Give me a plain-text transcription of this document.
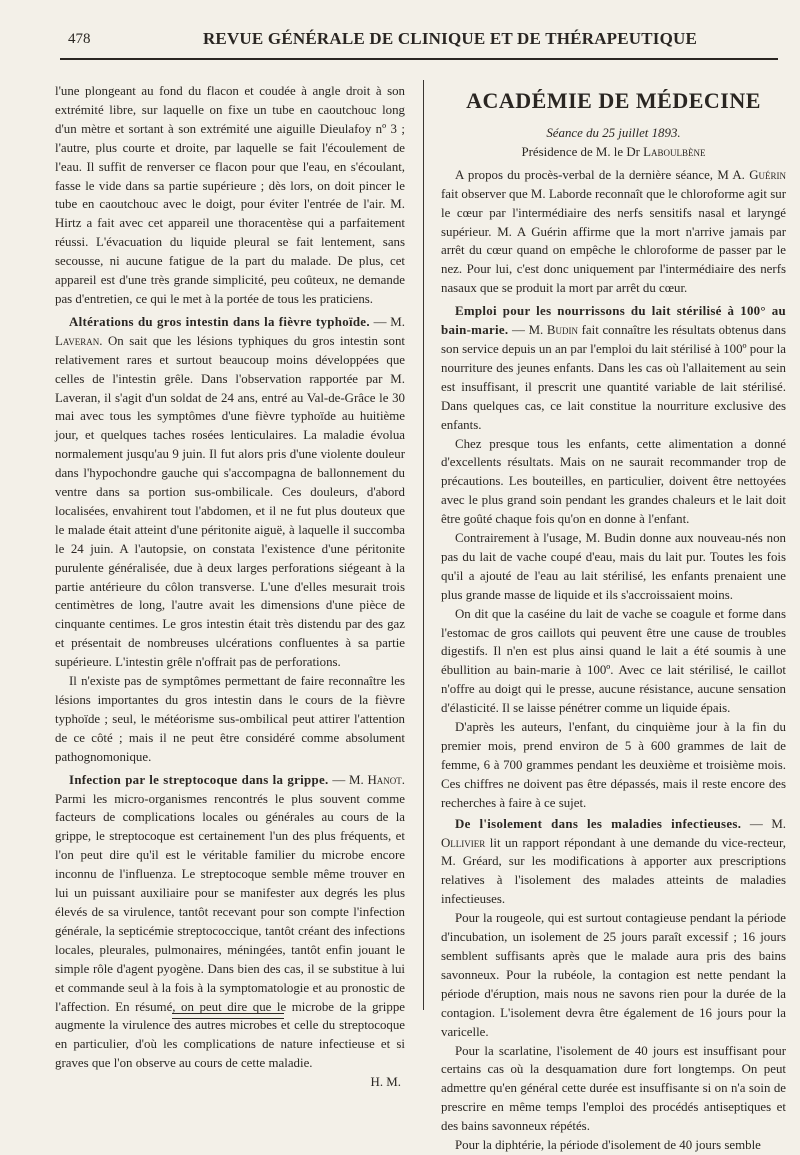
478	REVUE GÉNÉRALE DE CLINIQUE ET DE THÉRAPEUTIQUE

l'une plongeant au fond du flacon et coudée à angle droit à son extrémité libre, sur laquelle on fixe un tube en caoutchouc long d'un mètre et sortant à son extrémité une aiguille Dieulafoy nº 3 ; l'autre, plus courte et droite, par laquelle se fait l'écoulement de l'eau. Il suffit de renverser ce flacon pour que l'eau, en s'écoulant, fasse le vide dans sa partie supérieure ; dès lors, on doit pincer le tube en caoutchouc avec le doigt, pour éviter l'entrée de l'air. M. Hirtz a fait avec cet appareil une thoracentèse qui a parfaitement réussi. L'évacuation du liquide pleural se fait lentement, sans secousse, ni aucune fatigue de la part du malade. De plus, cet appareil est d'une très grande simplicité, peu coûteux, ne demande pas d'entretien, ce qui le met à la portée de tous les praticiens.

Altérations du gros intestin dans la fièvre typhoïde. — M. Laveran. On sait que les lésions typhiques du gros intestin sont relativement rares et surtout beaucoup moins développées que celles de l'intestin grêle. Dans l'observation rapportée par M. Laveran, il s'agit d'un soldat de 24 ans, entré au Val-de-Grâce le 30 mai avec tous les symptômes d'une fièvre typhoïde au huitième jour, et quelques taches rosées lenticulaires. La maladie évolua normalement jusqu'au 9 juin. Il fut alors pris d'une violente douleur dans l'hypochondre gauche qui s'accompagna de ballonnement du ventre dans sa portion sus-ombilicale. Ces douleurs, d'abord localisées, envahirent tout l'abdomen, et il ne fut plus douteux que le malade était atteint d'une péritonite aiguë, à laquelle il succomba le 24 juin. A l'autopsie, on constata l'existence d'une péritonite purulente généralisée, due à deux larges perforations siégeant à la partie antérieure du côlon transverse. L'une d'elles mesurait trois centimètres de long, l'autre avait les dimensions d'une pièce de cinquante centimes. Le gros intestin était très distendu par des gaz et présentait de nombreuses ulcérations confluentes à sa partie supérieure. L'intestin grêle n'offrait pas de perforations.

Il n'existe pas de symptômes permettant de faire reconnaître les lésions importantes du gros intestin dans le cours de la fièvre typhoïde ; seul, le météorisme sus-ombilical peut attirer l'attention de ce côté ; mais il ne peut être considéré comme absolument pathognomonique.

Infection par le streptocoque dans la grippe. — M. Hanot. Parmi les micro-organismes rencontrés le plus souvent comme facteurs de complications locales ou générales au cours de la grippe, le streptocoque est certainement l'un des plus fréquents, et l'on peut dire qu'il est le véritable familier du microbe encore inconnu de l'influenza. Le streptocoque semble même trouver en lui un puissant auxiliaire pour se manifester aux degrés les plus élevés de sa virulence, tantôt recevant pour son compte l'infection générale, la septicémie streptococcique, tantôt créant des infections locales, pleurales, pulmonaires, méningées, tantôt enfin jouant le simple rôle d'agent pyogène. Dans bien des cas, il se substitue à lui et commande seul à la fois à la symptomatologie et au pronostic de l'affection. En résumé, on peut dire que le microbe de la grippe augmente la virulence des autres microbes et celle du streptocoque en particulier, d'où les complications de nature infectieuse et si graves que l'on observe au cours de cette maladie.

H. M.

ACADÉMIE DE MÉDECINE

Séance du 25 juillet 1893.

Présidence de M. le Dr Laboulbène

A propos du procès-verbal de la dernière séance, M A. Guérin fait observer que M. Laborde reconnaît que le chloroforme agit sur le cœur par l'intermédiaire des nerfs sensitifs nasal et laryngé supérieur. M. A Guérin affirme que la mort n'arrive jamais par arrêt du cœur quand on empêche le chloroforme de passer par le nez. Pour lui, c'est donc uniquement par l'intermédiaire des nerfs nasaux que se produit la mort par arrêt du cœur.

Emploi pour les nourrissons du lait stérilisé à 100° au bain-marie. — M. Budin fait connaître les résultats obtenus dans son service depuis un an par l'emploi du lait stérilisé à 100º pour la nourriture des jeunes enfants. Dans les cas où l'allaitement au sein est insuffisant, il prescrit une quantité variable de lait stérilisé. Dans quelques cas, ce lait constitue la nourriture exclusive des enfants.

Chez presque tous les enfants, cette alimentation a donné d'excellents résultats. Mais on ne saurait recommander trop de précautions. Les bouteilles, en particulier, doivent être nettoyées avec le plus grand soin pendant les grandes chaleurs et le lait doit être goûté chaque fois qu'on en donne à l'enfant.

Contrairement à l'usage, M. Budin donne aux nouveau-nés non pas du lait de vache coupé d'eau, mais du lait pur. Toutes les fois qu'il a ajouté de l'eau au lait stérilisé, les enfants prenaient une plus grande masse de liquide et ils s'accroissaient moins.

On dit que la caséine du lait de vache se coagule et forme dans l'estomac de gros caillots qui peuvent être une cause de troubles digestifs. Il n'en est plus ainsi quand le lait a été soumis à une ébullition au bain-marie à 100º. Avec ce lait stérilisé, le caillot n'offre au doigt qui le presse, aucune résistance, aucune sensation d'élasticité. Il se laisse pénétrer comme un liquide épais.

D'après les auteurs, l'enfant, du cinquième jour à la fin du premier mois, prend environ de 5 à 600 grammes de lait de femme, 6 à 700 grammes pendant les deuxième et troisième mois. Ces chiffres ne doivent pas être dépassés, mais il reste encore des recherches à faire à ce sujet.

De l'isolement dans les maladies infectieuses. — M. Ollivier lit un rapport répondant à une demande du vice-recteur, M. Gréard, sur les modifications à apporter aux prescriptions relatives à l'isolement des malades atteints de maladies infectieuses.

Pour la rougeole, qui est surtout contagieuse pendant la période d'incubation, un isolement de 25 jours paraît excessif ; 16 jours semblent suffisants après que le malade aura pris des bains savonneux. Pour la rubéole, la contagion est nette pendant la période d'éruption, mais nous ne savons rien pour la durée de la contagion. L'isolement devra être également de 16 jours pour la varicelle.

Pour la scarlatine, l'isolement de 40 jours est insuffisant pour certains cas où la desquamation dure fort longtemps. On peut admettre qu'en général cette durée est insuffisante si on n'a soin de prescrire en même temps l'emploi des procédés antiseptiques et des bains savonneux répétés.

Pour la diphtérie, la période d'isolement de 40 jours semble
